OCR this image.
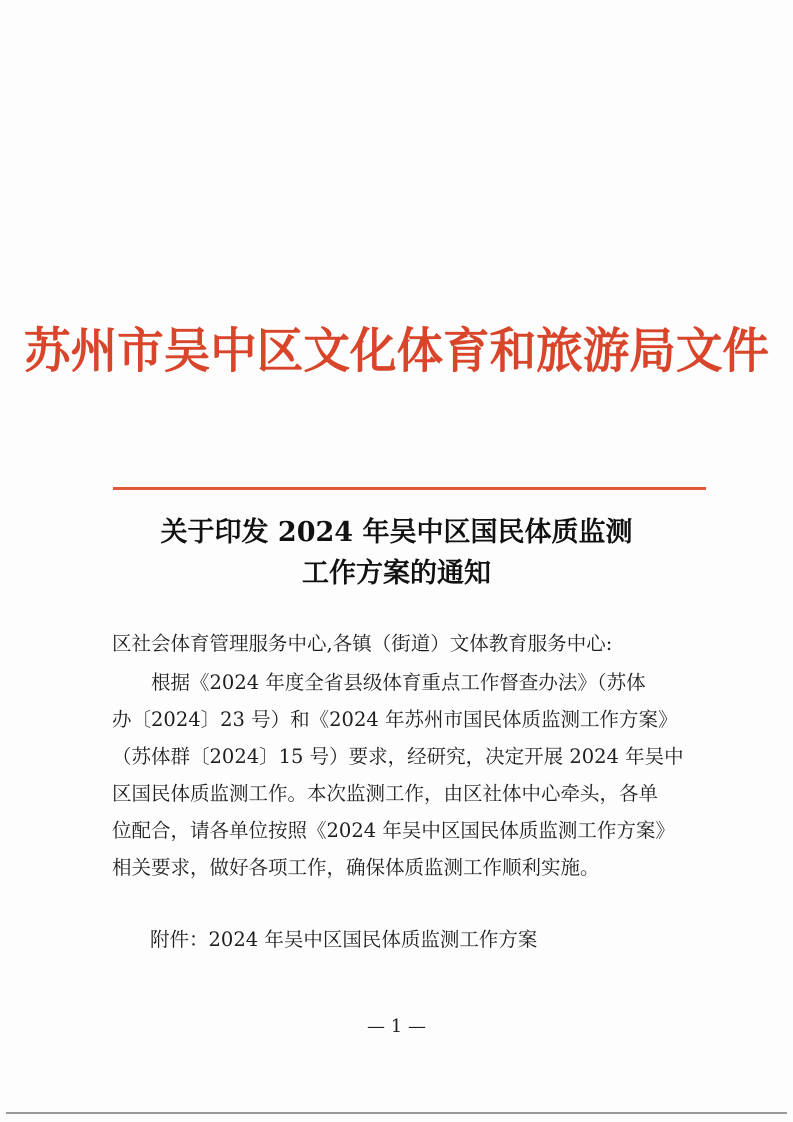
苏州市吴中区文化体育和旅游局文件
关于印发 2024 年吴中区国民体质监测
工作方案的通知
区社会体育管理服务中心,各镇（街道）文体教育服务中心:
根据《2024 年度全省县级体育重点工作督查办法》（苏体
办〔2024〕23 号）和《2024 年苏州市国民体质监测工作方案》
（苏体群〔2024〕15 号）要求，经研究，决定开展 2024 年吴中
区国民体质监测工作。本次监测工作，由区社体中心牵头，各单
位配合，请各单位按照《2024 年吴中区国民体质监测工作方案》
相关要求，做好各项工作，确保体质监测工作顺利实施。
附件：2024 年吴中区国民体质监测工作方案
— 1 —
